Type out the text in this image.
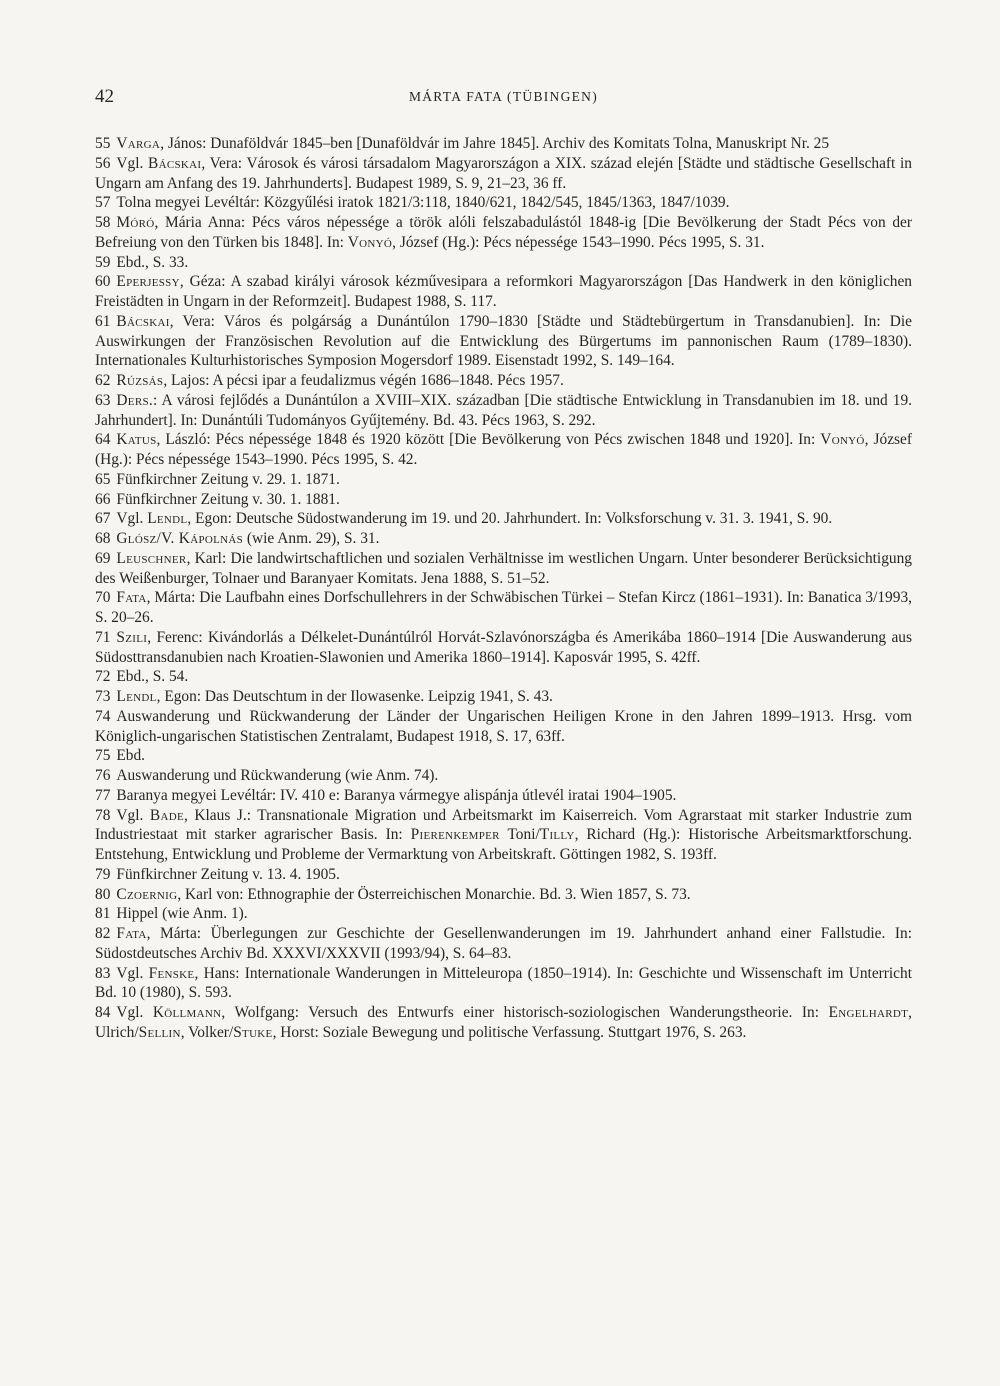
42	MÁRTA FATA (TÜBINGEN)
55 Varga, János: Dunaföldvár 1845–ben [Dunaföldvár im Jahre 1845]. Archiv des Komitats Tolna, Manuskript Nr. 25
56 Vgl. Bácskai, Vera: Városok és városi társadalom Magyarországon a XIX. század elején [Städte und städtische Gesellschaft in Ungarn am Anfang des 19. Jahrhunderts]. Budapest 1989, S. 9, 21–23, 36 ff.
57 Tolna megyei Levéltár: Közgyűlési iratok 1821/3:118, 1840/621, 1842/545, 1845/1363, 1847/1039.
58 Móró, Mária Anna: Pécs város népessége a török alóli felszabadulástól 1848-ig [Die Bevölkerung der Stadt Pécs von der Befreiung von den Türken bis 1848]. In: Vonyó, József (Hg.): Pécs népessége 1543–1990. Pécs 1995, S. 31.
59 Ebd., S. 33.
60 Eperjessy, Géza: A szabad királyi városok kézművesipara a reformkori Magyarországon [Das Handwerk in den königlichen Freistädten in Ungarn in der Reformzeit]. Budapest 1988, S. 117.
61 Bácskai, Vera: Város és polgárság a Dunántúlon 1790–1830 [Städte und Städtebürgertum in Transdanubien]. In: Die Auswirkungen der Französischen Revolution auf die Entwicklung des Bürgertums im pannonischen Raum (1789–1830). Internationales Kulturhistorisches Symposion Mogersdorf 1989. Eisenstadt 1992, S. 149–164.
62 Rúzsás, Lajos: A pécsi ipar a feudalizmus végén 1686–1848. Pécs 1957.
63 Ders.: A városi fejlődés a Dunántúlon a XVIII–XIX. században [Die städtische Entwicklung in Transdanubien im 18. und 19. Jahrhundert]. In: Dunántúli Tudományos Gyűjtemény. Bd. 43. Pécs 1963, S. 292.
64 Katus, László: Pécs népessége 1848 és 1920 között [Die Bevölkerung von Pécs zwischen 1848 und 1920]. In: Vonyó, József (Hg.): Pécs népessége 1543–1990. Pécs 1995, S. 42.
65 Fünfkirchner Zeitung v. 29. 1. 1871.
66 Fünfkirchner Zeitung v. 30. 1. 1881.
67 Vgl. Lendl, Egon: Deutsche Südostwanderung im 19. und 20. Jahrhundert. In: Volksforschung v. 31. 3. 1941, S. 90.
68 Glósz/V. Kápolnás (wie Anm. 29), S. 31.
69 Leuschner, Karl: Die landwirtschaftlichen und sozialen Verhältnisse im westlichen Ungarn. Unter besonderer Berücksichtigung des Weißenburger, Tolnaer und Baranyaer Komitats. Jena 1888, S. 51–52.
70 Fata, Márta: Die Laufbahn eines Dorfschullehrers in der Schwäbischen Türkei – Stefan Kircz (1861–1931). In: Banatica 3/1993, S. 20–26.
71 Szili, Ferenc: Kivándorlás a Délkelet-Dunántúlról Horvát-Szlavónországba és Amerikába 1860–1914 [Die Auswanderung aus Südosttransdanubien nach Kroatien-Slawonien und Amerika 1860–1914]. Kaposvár 1995, S. 42ff.
72 Ebd., S. 54.
73 Lendl, Egon: Das Deutschtum in der Ilowasenke. Leipzig 1941, S. 43.
74 Auswanderung und Rückwanderung der Länder der Ungarischen Heiligen Krone in den Jahren 1899–1913. Hrsg. vom Königlich-ungarischen Statistischen Zentralamt, Budapest 1918, S. 17, 63ff.
75 Ebd.
76 Auswanderung und Rückwanderung (wie Anm. 74).
77 Baranya megyei Levéltár: IV. 410 e: Baranya vármegye alispánja útlevél iratai 1904–1905.
78 Vgl. Bade, Klaus J.: Transnationale Migration und Arbeitsmarkt im Kaiserreich. Vom Agrarstaat mit starker Industrie zum Industriestaat mit starker agrarischer Basis. In: Pierenkemper Toni/Tilly, Richard (Hg.): Historische Arbeitsmarktforschung. Entstehung, Entwicklung und Probleme der Vermarktung von Arbeitskraft. Göttingen 1982, S. 193ff.
79 Fünfkirchner Zeitung v. 13. 4. 1905.
80 Czoernig, Karl von: Ethnographie der Österreichischen Monarchie. Bd. 3. Wien 1857, S. 73.
81 Hippel (wie Anm. 1).
82 Fata, Márta: Überlegungen zur Geschichte der Gesellenwanderungen im 19. Jahrhundert anhand einer Fallstudie. In: Südostdeutsches Archiv Bd. XXXVI/XXXVII (1993/94), S. 64–83.
83 Vgl. Fenske, Hans: Internationale Wanderungen in Mitteleuropa (1850–1914). In: Geschichte und Wissenschaft im Unterricht Bd. 10 (1980), S. 593.
84 Vgl. Köllmann, Wolfgang: Versuch des Entwurfs einer historisch-soziologischen Wanderungstheorie. In: Engelhardt, Ulrich/Sellin, Volker/Stuke, Horst: Soziale Bewegung und politische Verfassung. Stuttgart 1976, S. 263.
